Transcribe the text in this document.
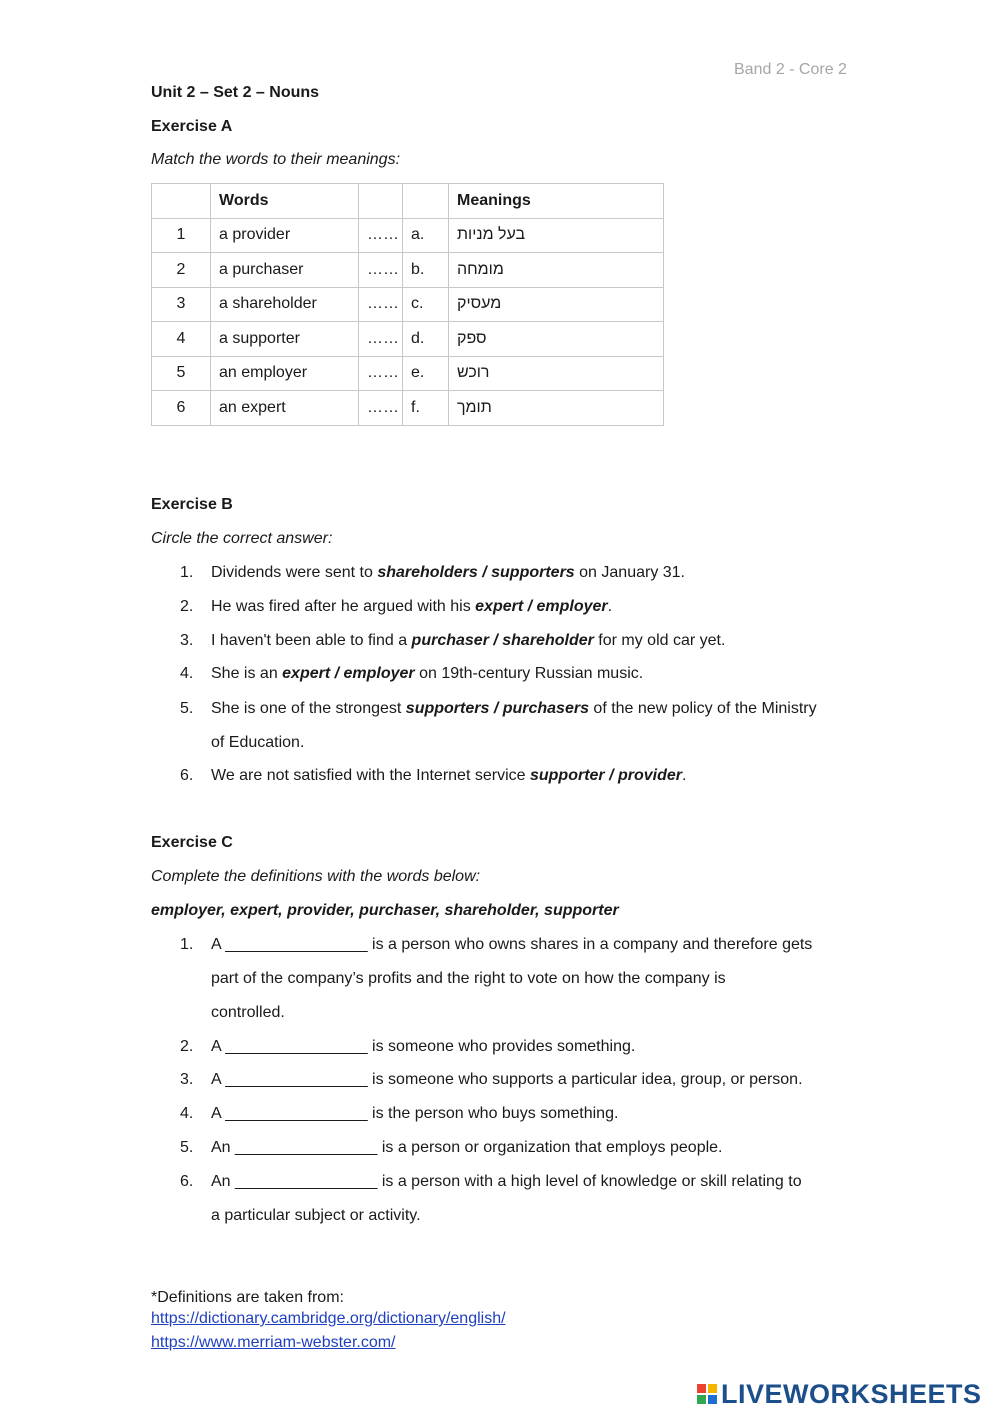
Band 2 - Core 2
Unit 2 – Set 2 – Nouns
Exercise A
Match the words to their meanings:
	Words			Meanings
1	a provider	……	a.	בעל מניות
2	a purchaser	……	b.	מומחה
3	a shareholder	……	c.	מעסיק
4	a supporter	……	d.	ספק
5	an employer	……	e.	רוכש
6	an expert	……	f.	תומך
Exercise B
Circle the correct answer:
1. Dividends were sent to shareholders / supporters on January 31.
2. He was fired after he argued with his expert / employer.
3. I haven't been able to find a purchaser / shareholder for my old car yet.
4. She is an expert / employer on 19th-century Russian music.
5. She is one of the strongest supporters / purchasers of the new policy of the Ministry
of Education.
6. We are not satisfied with the Internet service supporter / provider.
Exercise C
Complete the definitions with the words below:
employer, expert, provider, purchaser, shareholder, supporter
1. A ________________ is a person who owns shares in a company and therefore gets
part of the company’s profits and the right to vote on how the company is
controlled.
2. A ________________ is someone who provides something.
3. A ________________ is someone who supports a particular idea, group, or person.
4. A ________________ is the person who buys something.
5. An ________________ is a person or organization that employs people.
6. An ________________ is a person with a high level of knowledge or skill relating to
a particular subject or activity.
*Definitions are taken from:
https://dictionary.cambridge.org/dictionary/english/
https://www.merriam-webster.com/
LIVEWORKSHEETS
